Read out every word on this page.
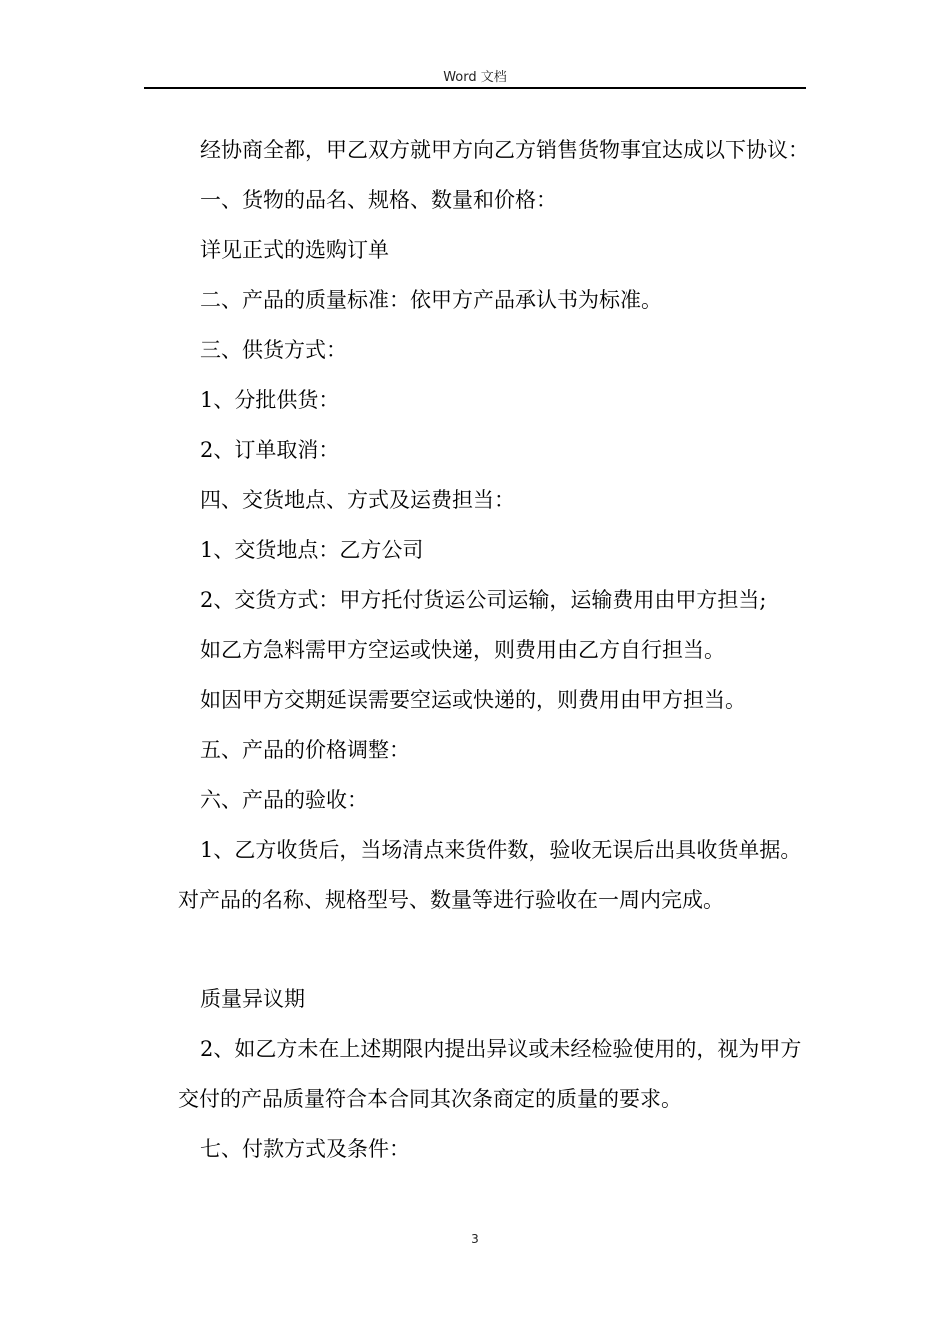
Word 文档

经协商全都，甲乙双方就甲方向乙方销售货物事宜达成以下协议：

一、货物的品名、规格、数量和价格：

详见正式的选购订单

二、产品的质量标准：依甲方产品承认书为标准。

三、供货方式：

1、分批供货：

2、订单取消：

四、交货地点、方式及运费担当：

1、交货地点：乙方公司

2、交货方式：甲方托付货运公司运输，运输费用由甲方担当;

如乙方急料需甲方空运或快递，则费用由乙方自行担当。

如因甲方交期延误需要空运或快递的，则费用由甲方担当。

五、产品的价格调整：

六、产品的验收：

1、乙方收货后，当场清点来货件数，验收无误后出具收货单据。对产品的名称、规格型号、数量等进行验收在一周内完成。

质量异议期

2、如乙方未在上述期限内提出异议或未经检验使用的，视为甲方交付的产品质量符合本合同其次条商定的质量的要求。

七、付款方式及条件：

3
